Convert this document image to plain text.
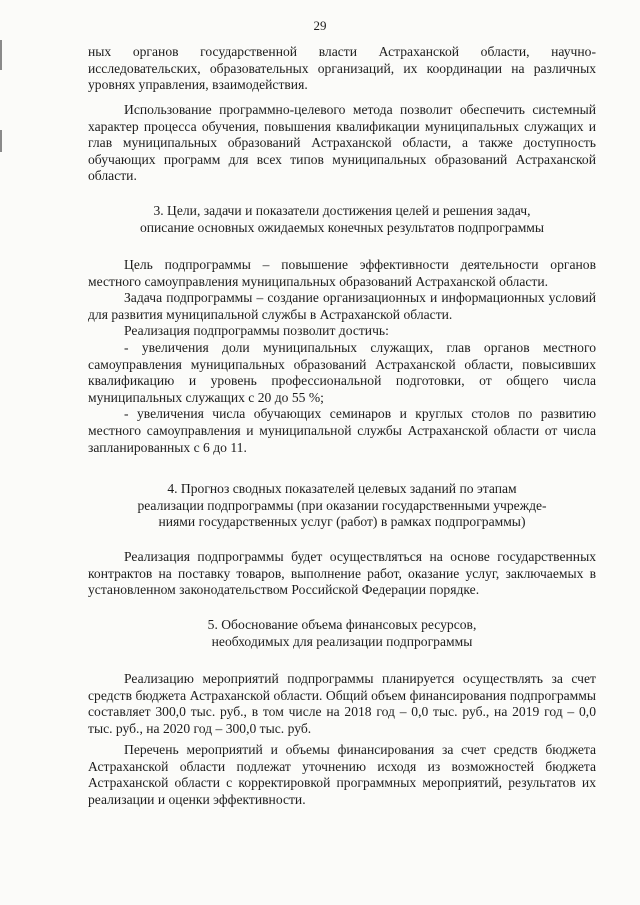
29

ных органов государственной власти Астраханской области, научно-исследовательских, образовательных организаций, их координации на различных уровнях управления, взаимодействия.

Использование программно-целевого метода позволит обеспечить системный характер процесса обучения, повышения квалификации муниципальных служащих и глав муниципальных образований Астраханской области, а также доступность обучающих программ для всех типов муниципальных образований Астраханской области.

3. Цели, задачи и показатели достижения целей и решения задач,

описание основных ожидаемых конечных результатов подпрограммы

Цель подпрограммы – повышение эффективности деятельности органов местного самоуправления муниципальных образований Астраханской области.

Задача подпрограммы – создание организационных и информационных условий для развития муниципальной службы в Астраханской области.

Реализация подпрограммы позволит достичь:

- увеличения доли муниципальных служащих, глав органов местного самоуправления муниципальных образований Астраханской области, повысивших квалификацию и уровень профессиональной подготовки, от общего числа муниципальных служащих с 20 до 55 %;

- увеличения числа обучающих семинаров и круглых столов по развитию местного самоуправления и муниципальной службы Астраханской области от числа запланированных с 6 до 11.

4. Прогноз сводных показателей целевых заданий по этапам

реализации подпрограммы (при оказании государственными учрежде-

ниями государственных услуг (работ) в рамках подпрограммы)

Реализация подпрограммы будет осуществляться на основе государственных контрактов на поставку товаров, выполнение работ, оказание услуг, заключаемых в установленном законодательством Российской Федерации порядке.

5. Обоснование объема финансовых ресурсов,

необходимых для реализации подпрограммы

Реализацию мероприятий подпрограммы планируется осуществлять за счет средств бюджета Астраханской области. Общий объем финансирования подпрограммы составляет 300,0 тыс. руб., в том числе на 2018 год – 0,0 тыс. руб., на 2019 год – 0,0 тыс. руб., на 2020 год – 300,0 тыс. руб.

Перечень мероприятий и объемы финансирования за счет средств бюджета Астраханской области подлежат уточнению исходя из возможностей бюджета Астраханской области с корректировкой программных мероприятий, результатов их реализации и оценки эффективности.
